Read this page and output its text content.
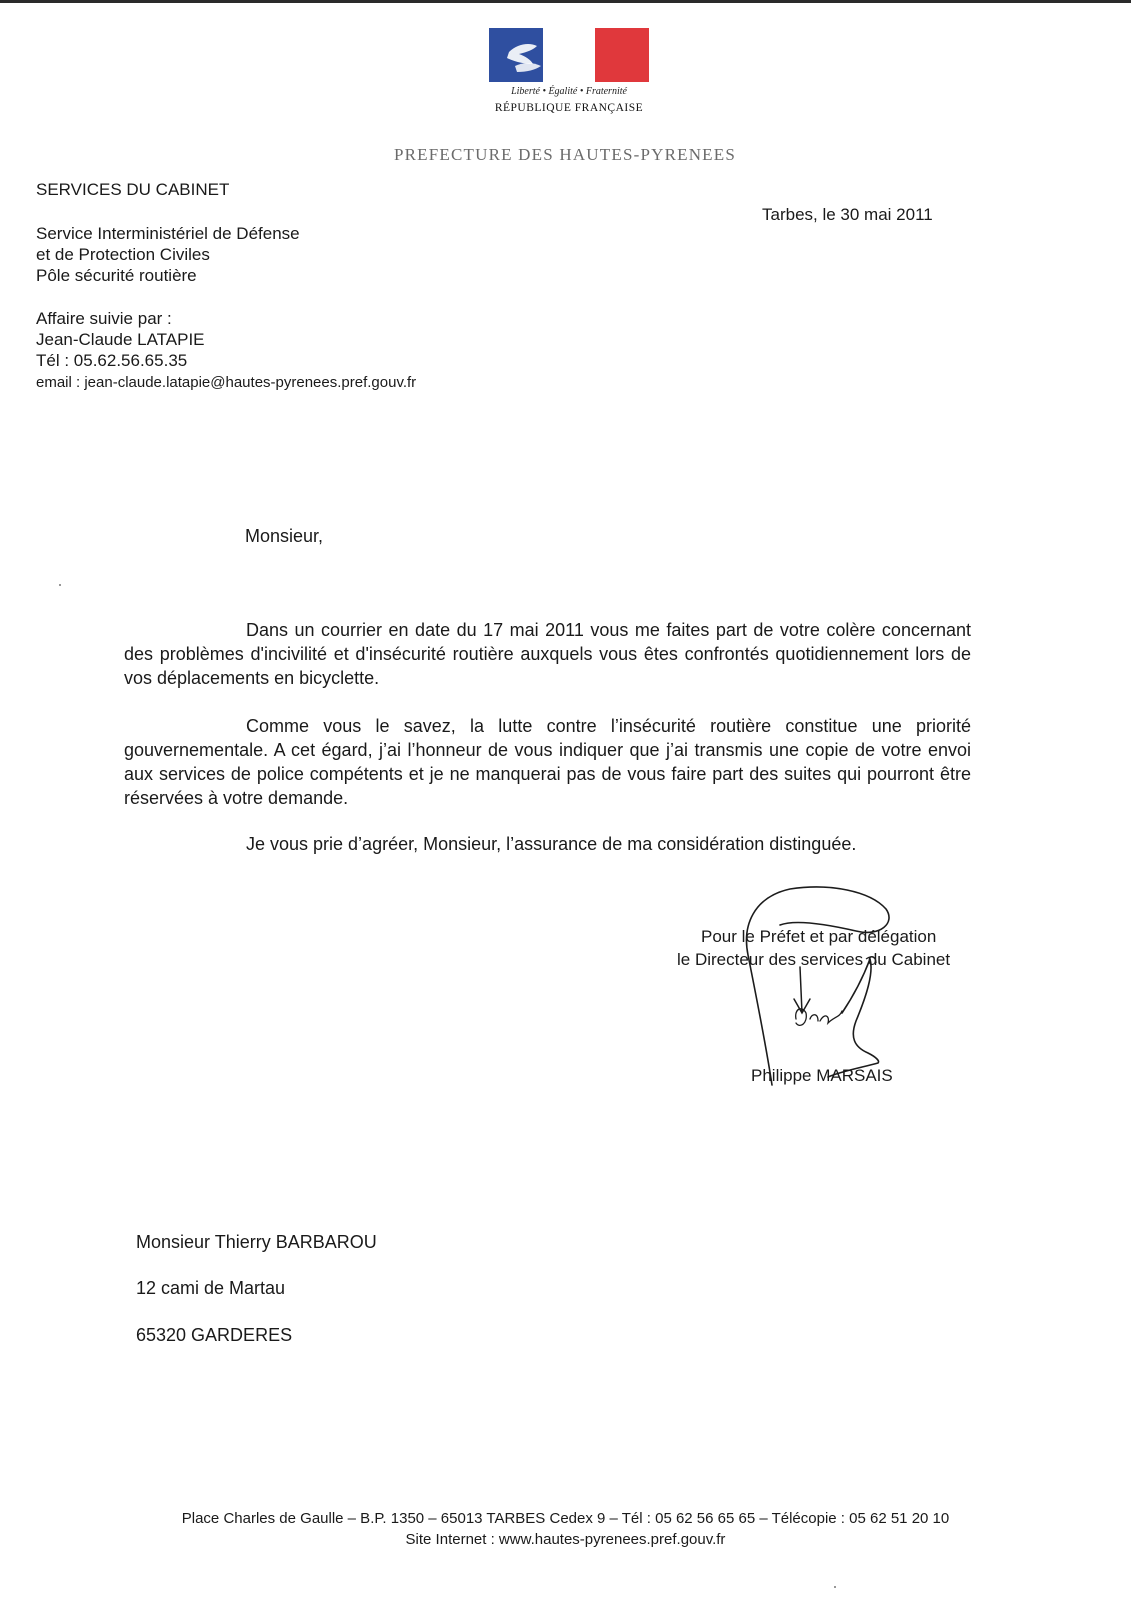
Liberté • Égalité • Fraternité
RÉPUBLIQUE FRANÇAISE
PREFECTURE DES HAUTES-PYRENEES
SERVICES DU CABINET
Service Interministériel de Défense
et de Protection Civiles
Pôle sécurité routière
Affaire suivie par :
Jean-Claude LATAPIE
Tél : 05.62.56.65.35
email : jean-claude.latapie@hautes-pyrenees.pref.gouv.fr
Tarbes, le 30 mai 2011
Monsieur,
Dans un courrier en date du 17 mai 2011 vous me faites part de votre colère concernant des problèmes d'incivilité et d'insécurité routière auxquels vous êtes confrontés quotidiennement lors de vos déplacements en bicyclette.
Comme vous le savez, la lutte contre l’insécurité routière constitue une priorité gouvernementale. A cet égard, j’ai l’honneur de vous indiquer que j’ai transmis une copie de votre envoi aux services de police compétents et je ne manquerai pas de vous faire part des suites qui pourront être réservées à votre demande.
Je vous prie d’agréer, Monsieur, l’assurance de ma considération distinguée.
Pour le Préfet et par délégation
le Directeur des services du Cabinet
Philippe MARSAIS
Monsieur Thierry BARBAROU
12 cami de Martau
65320 GARDERES
Place Charles de Gaulle – B.P. 1350 – 65013 TARBES Cedex 9 – Tél : 05 62 56 65 65 – Télécopie : 05 62 51 20 10
Site Internet : www.hautes-pyrenees.pref.gouv.fr
